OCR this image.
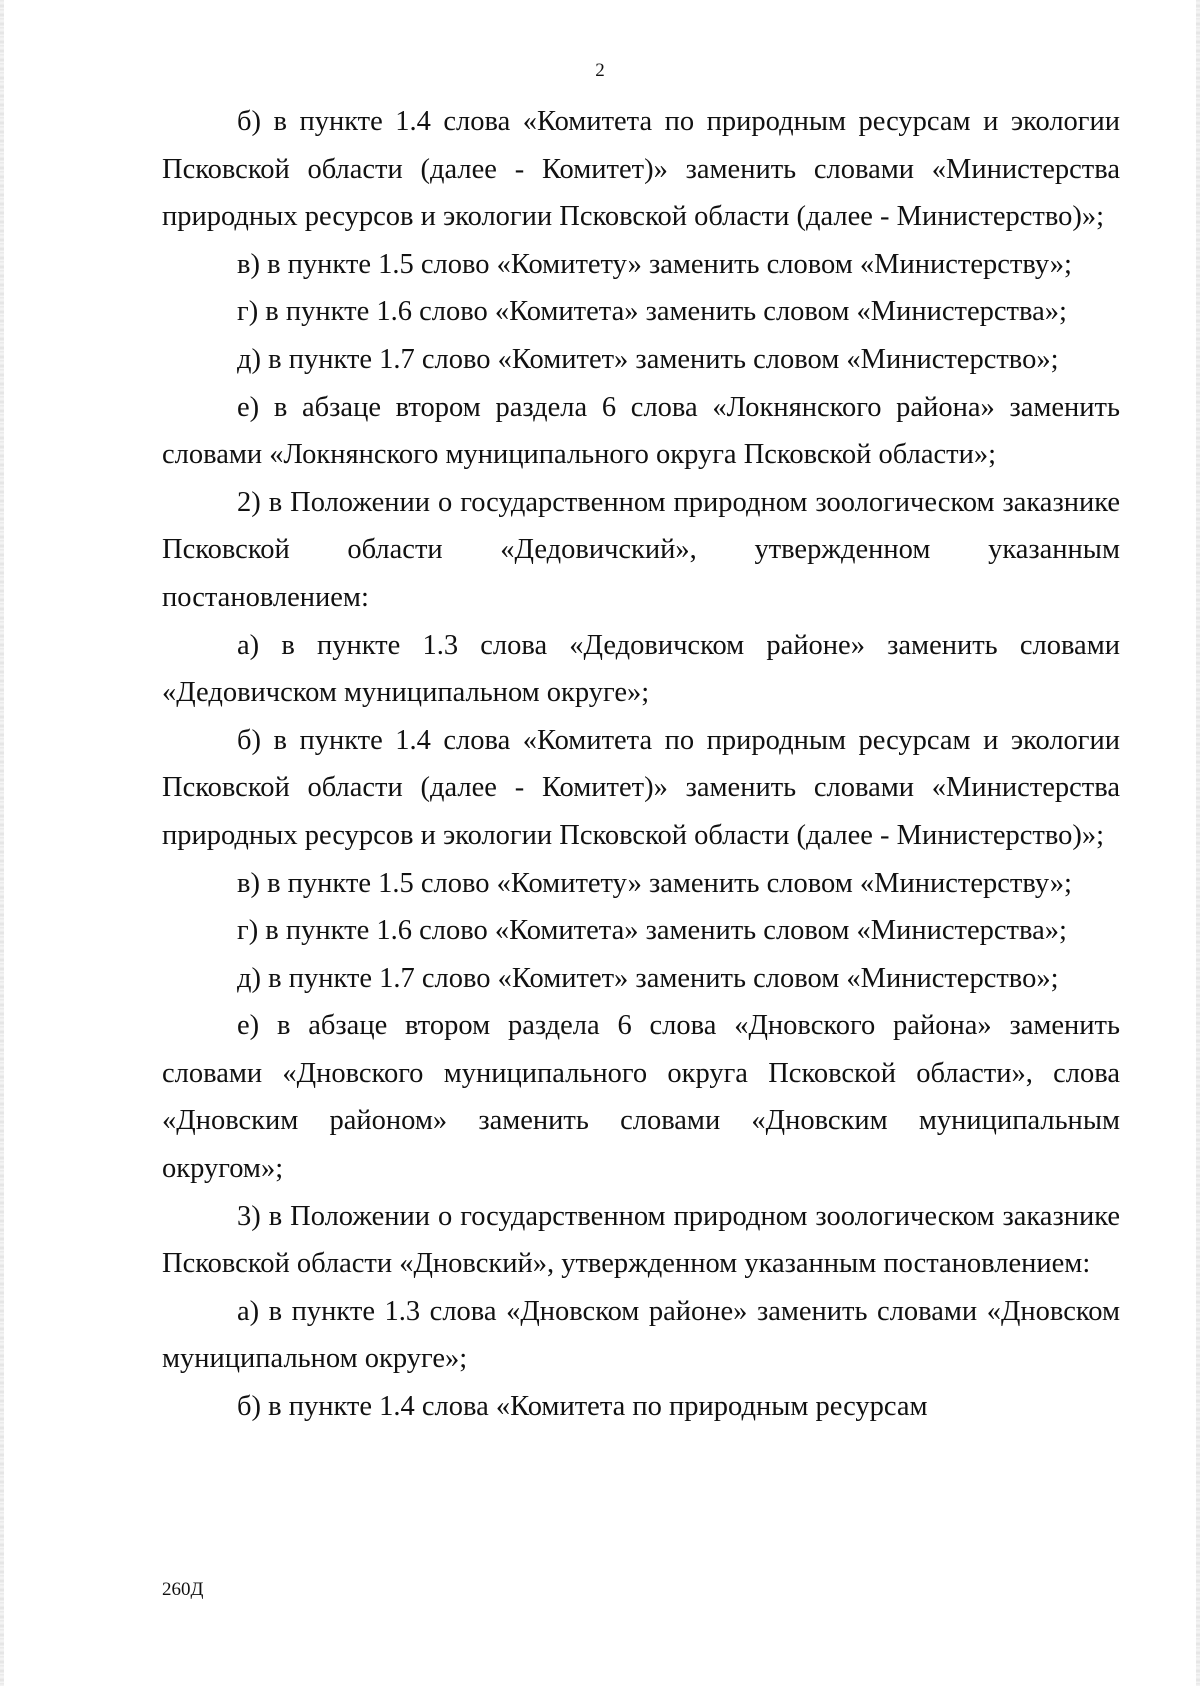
2

б) в пункте 1.4 слова «Комитета по природным ресурсам и экологии Псковской области (далее - Комитет)» заменить словами «Министерства природных ресурсов и экологии Псковской области (далее - Министерство)»;

в) в пункте 1.5 слово «Комитету» заменить словом «Министерству»;

г) в пункте 1.6 слово «Комитета» заменить словом «Министерства»;

д) в пункте 1.7 слово «Комитет» заменить словом «Министерство»;

е) в абзаце втором раздела 6 слова «Локнянского района» заменить словами «Локнянского муниципального округа Псковской области»;

2) в Положении о государственном природном зоологическом заказнике Псковской области «Дедовичский», утвержденном указанным постановлением:

а) в пункте 1.3 слова «Дедовичском районе» заменить словами «Дедовичском муниципальном округе»;

б) в пункте 1.4 слова «Комитета по природным ресурсам и экологии Псковской области (далее - Комитет)» заменить словами «Министерства природных ресурсов и экологии Псковской области (далее - Министерство)»;

в) в пункте 1.5 слово «Комитету» заменить словом «Министерству»;

г) в пункте 1.6 слово «Комитета» заменить словом «Министерства»;

д) в пункте 1.7 слово «Комитет» заменить словом «Министерство»;

е) в абзаце втором раздела 6 слова «Дновского района» заменить словами «Дновского муниципального округа Псковской области», слова «Дновским районом» заменить словами «Дновским муниципальным округом»;

3) в Положении о государственном природном зоологическом заказнике Псковской области «Дновский», утвержденном указанным постановлением:

а) в пункте 1.3 слова «Дновском районе» заменить словами «Дновском муниципальном округе»;

б) в пункте 1.4 слова «Комитета по природным ресурсам

260Д
